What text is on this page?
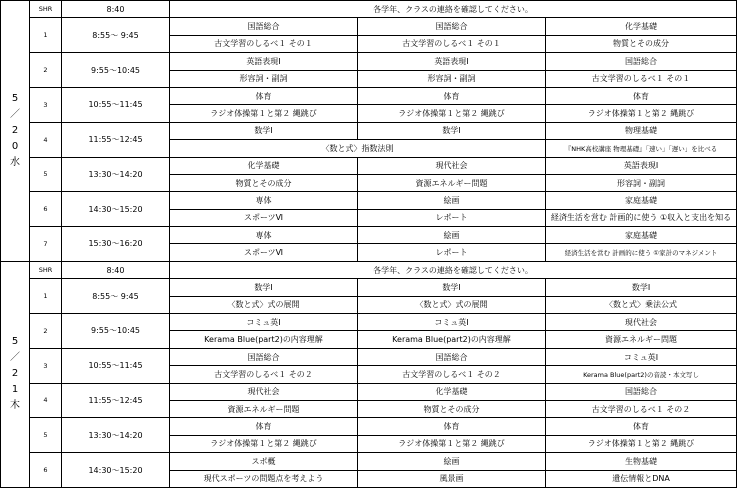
5
／
2
0
水	SHR	8:40	各学年、クラスの連絡を確認してください。		
	1	8:55～ 9:45	国語総合	国語総合	化学基礎
			古文学習のしるべ１ その１	古文学習のしるべ１ その１	物質とその成分
	2	9:55～10:45	英語表現Ⅰ	英語表現Ⅰ	国語総合
			形容詞・副詞	形容詞・副詞	古文学習のしるべ１ その１
	3	10:55～11:45	体育	体育	体育
			ラジオ体操第１と第２ 縄跳び	ラジオ体操第１と第２ 縄跳び	ラジオ体操第１と第２ 縄跳び
	4	11:55～12:45	数学Ⅰ	数学Ⅰ	物理基礎
			〈数と式〉指数法則		『NHK高校講座 物理基礎』「速い」「遅い」を比べる
	5	13:30～14:20	化学基礎	現代社会	英語表現Ⅰ
			物質とその成分	資源エネルギー問題	形容詞・副詞
	6	14:30～15:20	専体	絵画	家庭基礎
			スポーツⅥ	レポート	経済生活を営む 計画的に使う ①収入と支出を知る
	7	15:30～16:20	専体	絵画	家庭基礎
			スポーツⅥ	レポート	経済生活を営む 計画的に使う ①家計のマネジメント

5
／
2
1
木	SHR	8:40	各学年、クラスの連絡を確認してください。		
	1	8:55～ 9:45	数学Ⅰ	数学Ⅰ	数学Ⅰ
			〈数と式〉式の展開	〈数と式〉式の展開	〈数と式〉乗法公式
	2	9:55～10:45	コミュ英Ⅰ	コミュ英Ⅰ	現代社会
			Kerama Blue(part2)の内容理解	Kerama Blue(part2)の内容理解	資源エネルギー問題
	3	10:55～11:45	国語総合	国語総合	コミュ英Ⅰ
			古文学習のしるべ１ その２	古文学習のしるべ１ その２	Kerama Blue(part2)の音読・本文写し
	4	11:55～12:45	現代社会	化学基礎	国語総合
			資源エネルギー問題	物質とその成分	古文学習のしるべ１ その２
	5	13:30～14:20	体育	体育	体育
			ラジオ体操第１と第２ 縄跳び	ラジオ体操第１と第２ 縄跳び	ラジオ体操第１と第２ 縄跳び
	6	14:30～15:20	スポ概	絵画	生物基礎
			現代スポーツの問題点を考えよう	風景画	遺伝情報とDNA
